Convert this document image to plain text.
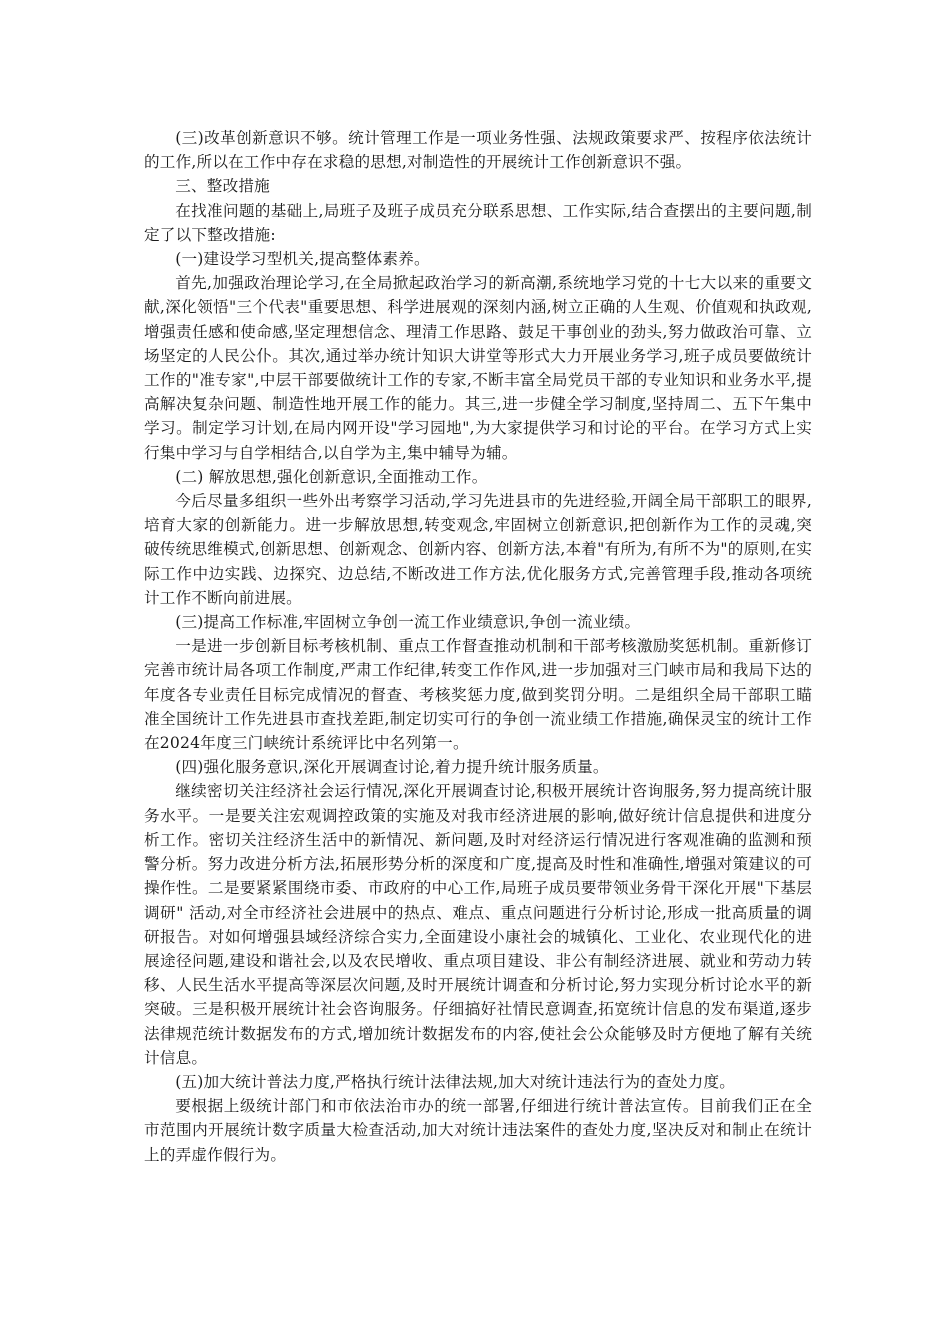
(三)改革创新意识不够。统计管理工作是一项业务性强、法规政策要求严、按程序依法统计的工作,所以在工作中存在求稳的思想,对制造性的开展统计工作创新意识不强。

三、整改措施

在找准问题的基础上,局班子及班子成员充分联系思想、工作实际,结合查摆出的主要问题,制定了以下整改措施:

(一)建设学习型机关,提高整体素养。

首先,加强政治理论学习,在全局掀起政治学习的新高潮,系统地学习党的十七大以来的重要文献,深化领悟"三个代表"重要思想、科学进展观的深刻内涵,树立正确的人生观、价值观和执政观,增强责任感和使命感,坚定理想信念、理清工作思路、鼓足干事创业的劲头,努力做政治可靠、立场坚定的人民公仆。其次,通过举办统计知识大讲堂等形式大力开展业务学习,班子成员要做统计工作的"准专家",中层干部要做统计工作的专家,不断丰富全局党员干部的专业知识和业务水平,提高解决复杂问题、制造性地开展工作的能力。其三,进一步健全学习制度,坚持周二、五下午集中学习。制定学习计划,在局内网开设"学习园地",为大家提供学习和讨论的平台。在学习方式上实行集中学习与自学相结合,以自学为主,集中辅导为辅。

(二) 解放思想,强化创新意识,全面推动工作。

今后尽量多组织一些外出考察学习活动,学习先进县市的先进经验,开阔全局干部职工的眼界,培育大家的创新能力。进一步解放思想,转变观念,牢固树立创新意识,把创新作为工作的灵魂,突破传统思维模式,创新思想、创新观念、创新内容、创新方法,本着"有所为,有所不为"的原则,在实际工作中边实践、边探究、边总结,不断改进工作方法,优化服务方式,完善管理手段,推动各项统计工作不断向前进展。

(三)提高工作标准,牢固树立争创一流工作业绩意识,争创一流业绩。

一是进一步创新目标考核机制、重点工作督查推动机制和干部考核激励奖惩机制。重新修订完善市统计局各项工作制度,严肃工作纪律,转变工作作风,进一步加强对三门峡市局和我局下达的年度各专业责任目标完成情况的督查、考核奖惩力度,做到奖罚分明。二是组织全局干部职工瞄准全国统计工作先进县市查找差距,制定切实可行的争创一流业绩工作措施,确保灵宝的统计工作在2024年度三门峡统计系统评比中名列第一。

(四)强化服务意识,深化开展调查讨论,着力提升统计服务质量。

继续密切关注经济社会运行情况,深化开展调查讨论,积极开展统计咨询服务,努力提高统计服务水平。一是要关注宏观调控政策的实施及对我市经济进展的影响,做好统计信息提供和进度分析工作。密切关注经济生活中的新情况、新问题,及时对经济运行情况进行客观准确的监测和预警分析。努力改进分析方法,拓展形势分析的深度和广度,提高及时性和准确性,增强对策建议的可操作性。二是要紧紧围绕市委、市政府的中心工作,局班子成员要带领业务骨干深化开展"下基层调研" 活动,对全市经济社会进展中的热点、难点、重点问题进行分析讨论,形成一批高质量的调研报告。对如何增强县域经济综合实力,全面建设小康社会的城镇化、工业化、农业现代化的进展途径问题,建设和谐社会,以及农民增收、重点项目建设、非公有制经济进展、就业和劳动力转移、人民生活水平提高等深层次问题,及时开展统计调查和分析讨论,努力实现分析讨论水平的新突破。三是积极开展统计社会咨询服务。仔细搞好社情民意调查,拓宽统计信息的发布渠道,逐步法律规范统计数据发布的方式,增加统计数据发布的内容,使社会公众能够及时方便地了解有关统计信息。

(五)加大统计普法力度,严格执行统计法律法规,加大对统计违法行为的查处力度。

要根据上级统计部门和市依法治市办的统一部署,仔细进行统计普法宣传。目前我们正在全市范围内开展统计数字质量大检查活动,加大对统计违法案件的查处力度,坚决反对和制止在统计上的弄虚作假行为。
